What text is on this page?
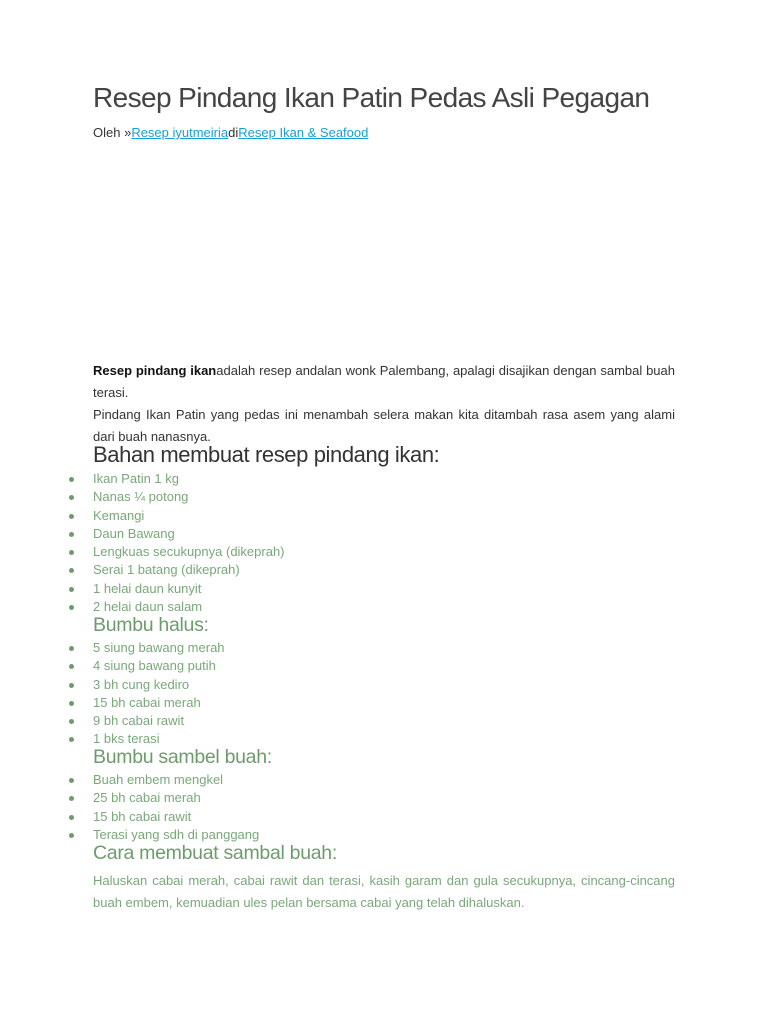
Resep Pindang Ikan Patin Pedas Asli Pegagan
Oleh »Resep iyutmeiriadiResep Ikan & Seafood

Resep pindang ikanadalah resep andalan wonk Palembang, apalagi disajikan dengan sambal buah terasi.

Pindang Ikan Patin yang pedas ini menambah selera makan kita ditambah rasa asem yang alami dari buah nanasnya.

Bahan membuat resep pindang ikan:
Ikan Patin 1 kg
Nanas ¼ potong
Kemangi
Daun Bawang
Lengkuas secukupnya (dikeprah)
Serai 1 batang (dikeprah)
1 helai daun kunyit
2 helai daun salam
Bumbu halus:
5 siung bawang merah
4 siung bawang putih
3 bh cung kediro
15 bh cabai merah
9 bh cabai rawit
1 bks terasi
Bumbu sambel buah:
Buah embem mengkel
25 bh cabai merah
15 bh cabai rawit
Terasi yang sdh di panggang
Cara membuat sambal buah:

Haluskan cabai merah, cabai rawit dan terasi, kasih garam dan gula secukupnya, cincang-cincang buah embem, kemuadian ules pelan bersama cabai yang telah dihaluskan.
